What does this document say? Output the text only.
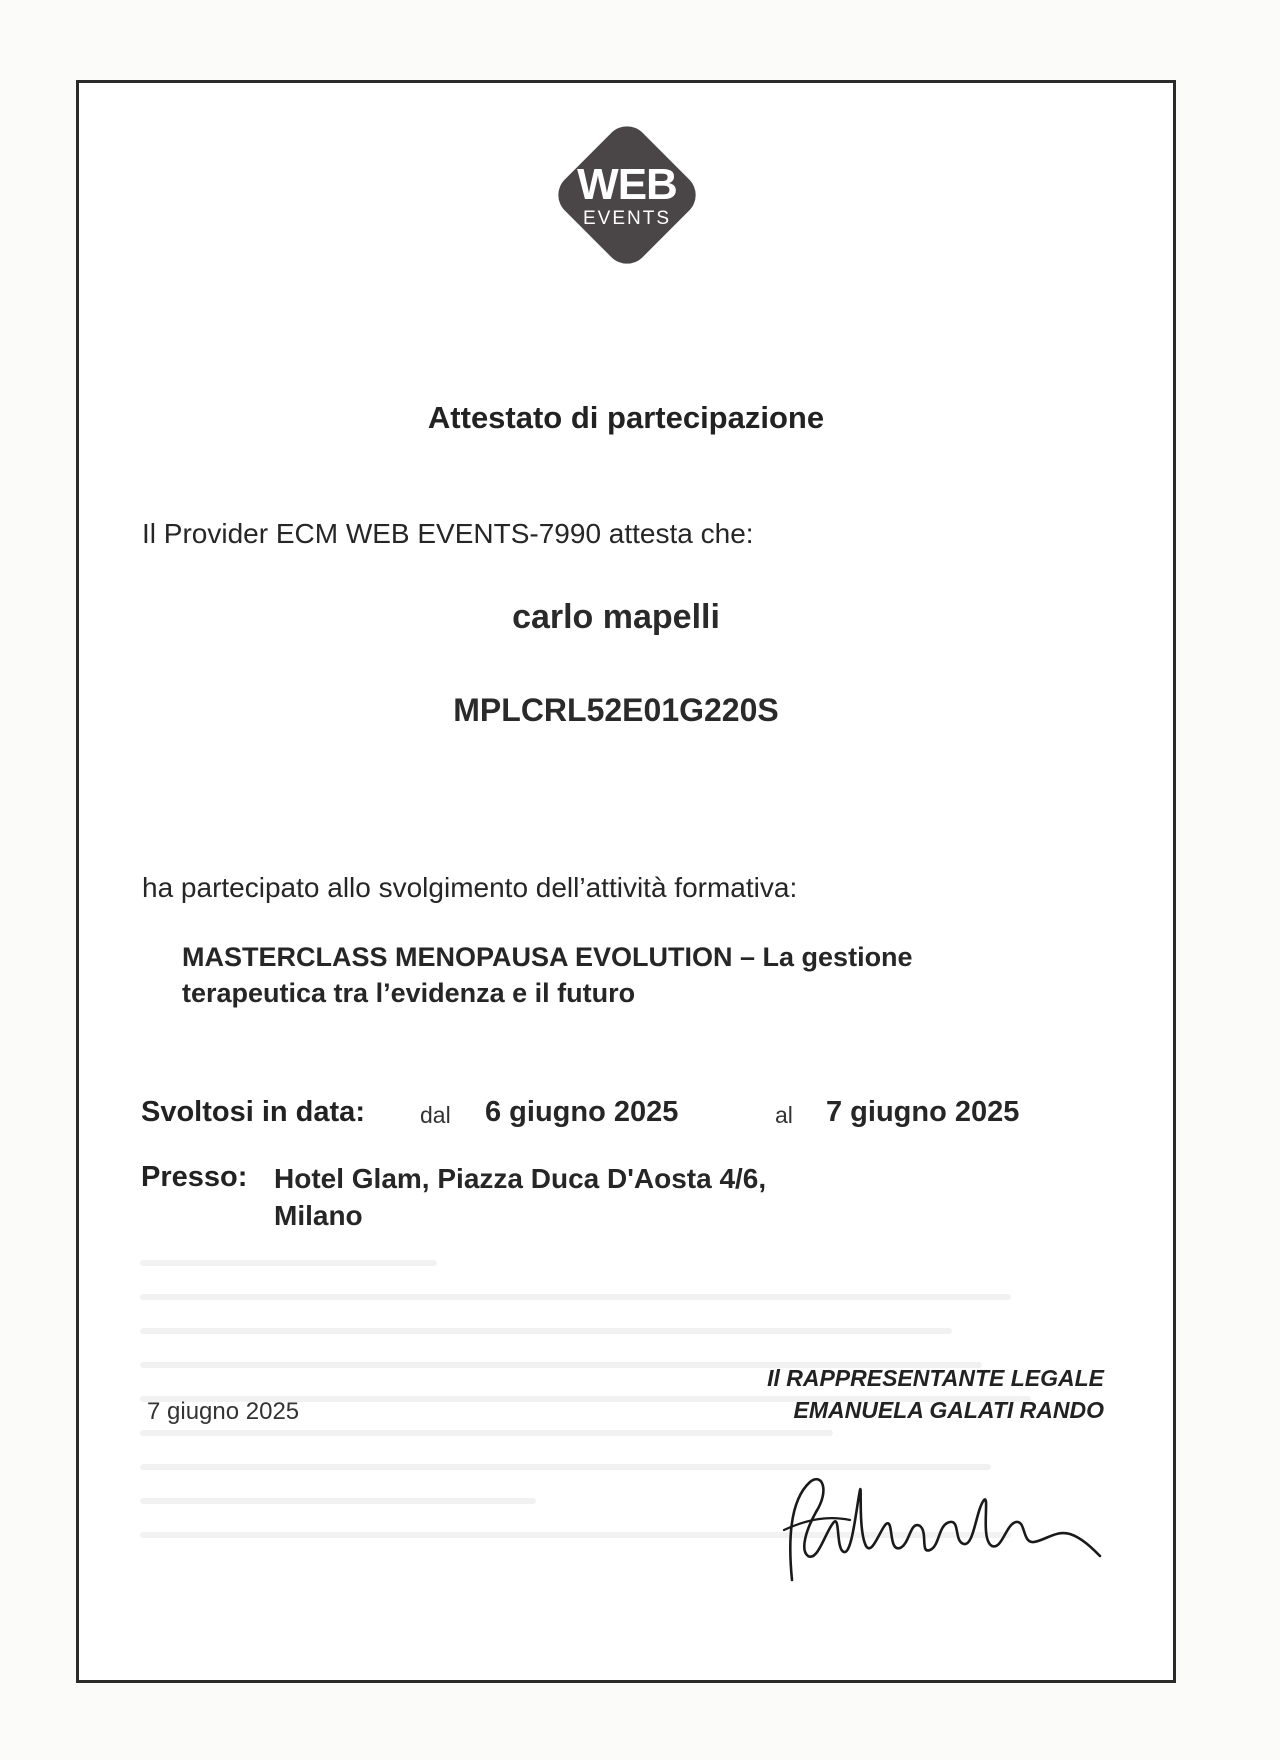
WEB
EVENTS
Attestato di partecipazione
Il Provider ECM WEB EVENTS-7990 attesta che:
carlo mapelli
MPLCRL52E01G220S
ha partecipato allo svolgimento dell’attività formativa:
MASTERCLASS MENOPAUSA EVOLUTION – La gestione terapeutica tra l’evidenza e il futuro
Svoltosi in data: dal 6 giugno 2025	al 7 giugno 2025
Presso: Hotel Glam, Piazza Duca D'Aosta 4/6,
Milano
Il RAPPRESENTANTE LEGALE
EMANUELA GALATI RANDO
7 giugno 2025
